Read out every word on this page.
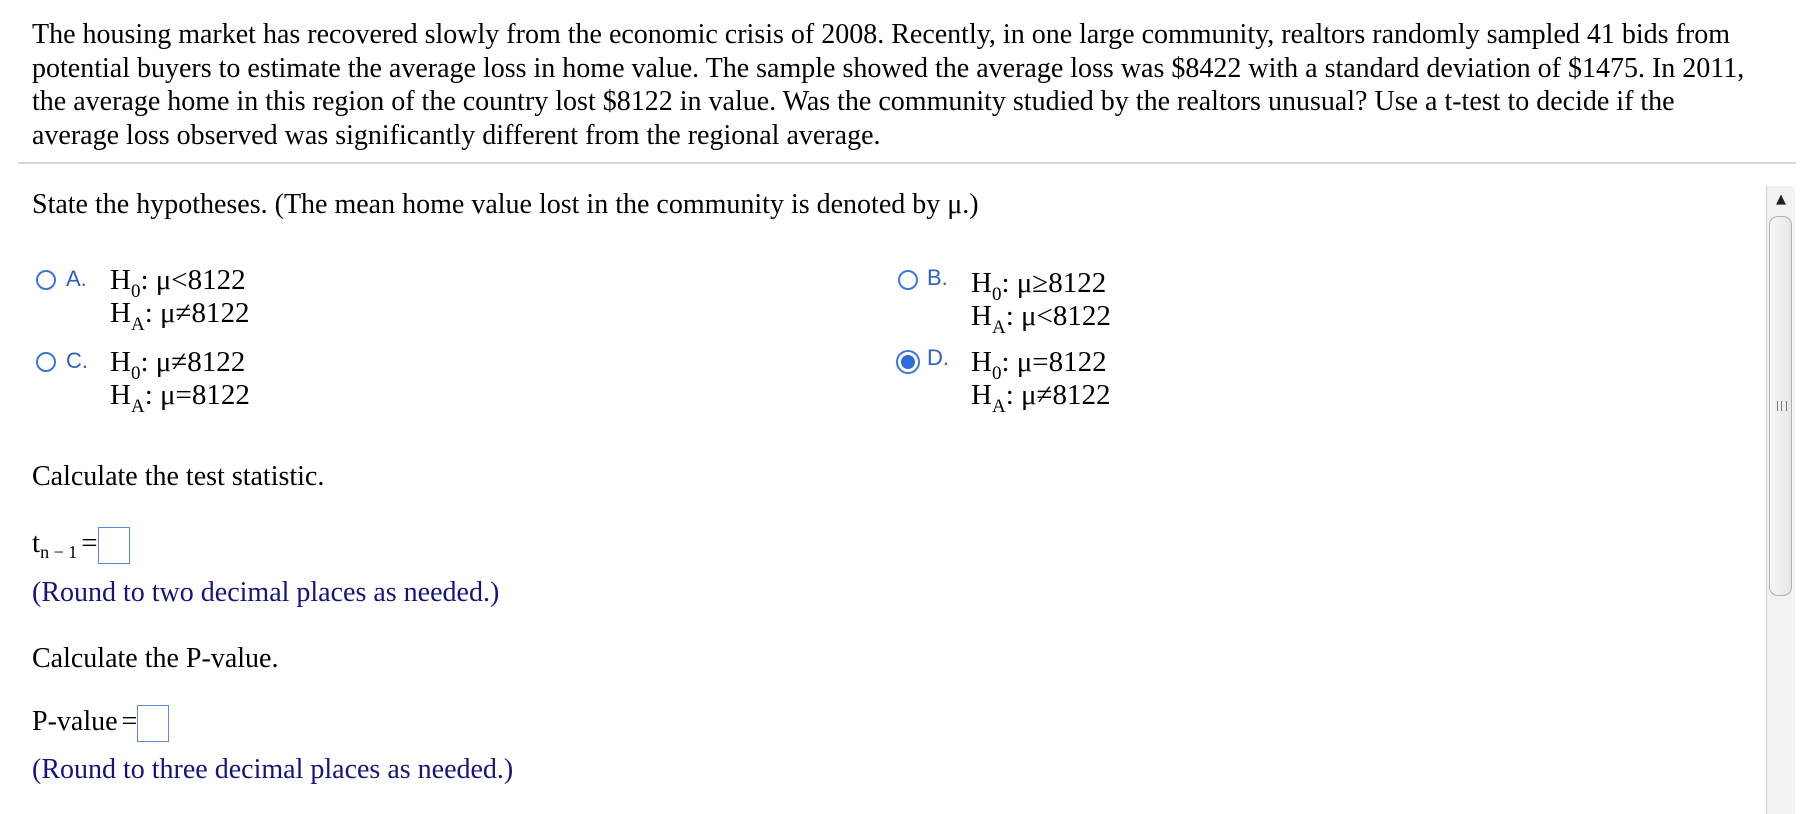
The housing market has recovered slowly from the economic crisis of 2008. Recently, in one large community, realtors randomly sampled 41 bids from potential buyers to estimate the average loss in home value. The sample showed the average loss was $8422 with a standard deviation of $1475. In 2011, the average home in this region of the country lost $8122 in value. Was the community studied by the realtors unusual? Use a t-test to decide if the average loss observed was significantly different from the regional average.
State the hypotheses. (The mean home value lost in the community is denoted by μ.)
A. $H_0$: μ<8122
$H_A$: μ≠8122
B. $H_0$: μ≥8122
$H_A$: μ<8122
C. $H_0$: μ≠8122
$H_A$: μ=8122
D. $H_0$: μ=8122
$H_A$: μ≠8122
Calculate the test statistic.
$t_{n - 1}$ =
(Round to two decimal places as needed.)
Calculate the P-value.
P-value =
(Round to three decimal places as needed.)
▲
